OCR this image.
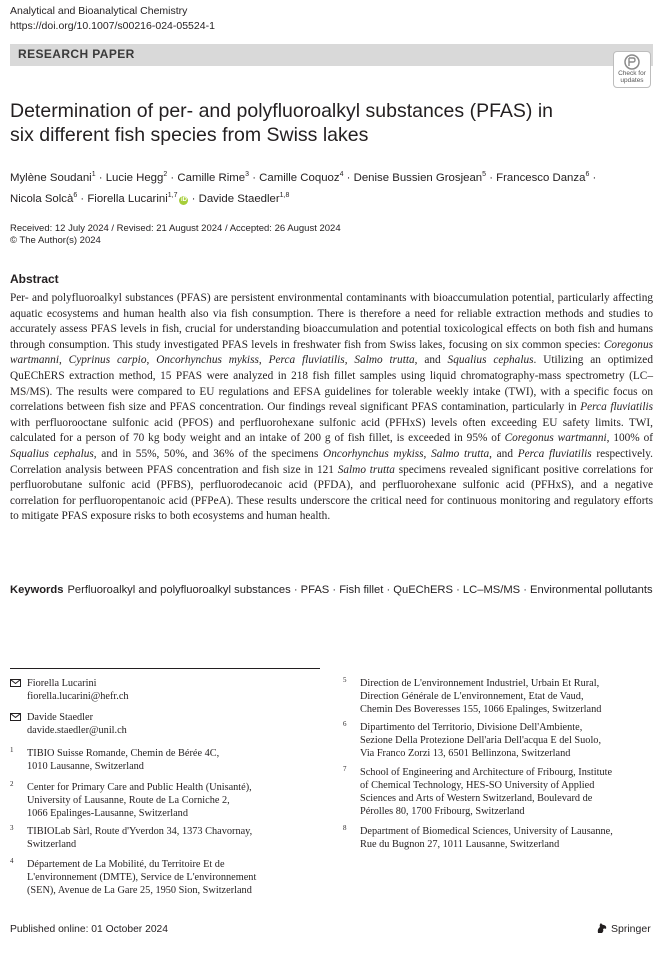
Analytical and Bioanalytical Chemistry
https://doi.org/10.1007/s00216-024-05524-1
RESEARCH PAPER
Check for
updates
Determination of per- and polyfluoroalkyl substances (PFAS) in six different fish species from Swiss lakes
Mylène Soudani$^1$ · Lucie Hegg$^2$ · Camille Rime$^3$ · Camille Coquoz$^4$ · Denise Bussien Grosjean$^5$ · Francesco Danza$^6$ ·
Nicola Solcà$^6$ · Fiorella Lucarini$^{1,7}$iD · Davide Staedler$^{1,8}$
Received: 12 July 2024 / Revised: 21 August 2024 / Accepted: 26 August 2024
© The Author(s) 2024
Abstract
Per- and polyfluoroalkyl substances (PFAS) are persistent environmental contaminants with bioaccumulation potential, particularly affecting aquatic ecosystems and human health also via fish consumption. There is therefore a need for reliable extraction methods and studies to accurately assess PFAS levels in fish, crucial for understanding bioaccumulation and potential toxicological effects on both fish and humans through consumption. This study investigated PFAS levels in freshwater fish from Swiss lakes, focusing on six common species: Coregonus wartmanni, Cyprinus carpio, Oncorhynchus mykiss, Perca fluviatilis, Salmo trutta, and Squalius cephalus. Utilizing an optimized QuEChERS extraction method, 15 PFAS were analyzed in 218 fish fillet samples using liquid chromatography-mass spectrometry (LC–MS/MS). The results were compared to EU regulations and EFSA guidelines for tolerable weekly intake (TWI), with a specific focus on correlations between fish size and PFAS concentration. Our findings reveal significant PFAS contamination, particularly in Perca fluviatilis with perfluorooctane sulfonic acid (PFOS) and perfluorohexane sulfonic acid (PFHxS) levels often exceeding EU safety limits. TWI, calculated for a person of 70 kg body weight and an intake of 200 g of fish fillet, is exceeded in 95% of Coregonus wartmanni, 100% of Squalius cephalus, and in 55%, 50%, and 36% of the specimens Oncorhynchus mykiss, Salmo trutta, and Perca fluviatilis respectively. Correlation analysis between PFAS concentration and fish size in 121 Salmo trutta specimens revealed significant positive correlations for perfluorobutane sulfonic acid (PFBS), perfluorodecanoic acid (PFDA), and perfluorohexane sulfonic acid (PFHxS), and a negative correlation for perfluoropentanoic acid (PFPeA). These results underscore the critical need for continuous monitoring and regulatory efforts to mitigate PFAS exposure risks to both ecosystems and human health.
Keywords Perfluoroalkyl and polyfluoroalkyl substances · PFAS · Fish fillet · QuEChERS · LC–MS/MS · Environmental pollutants
Fiorella Lucarini
fiorella.lucarini@hefr.ch
Davide Staedler
davide.staedler@unil.ch
1 TIBIO Suisse Romande, Chemin de Bérée 4C,
1010 Lausanne, Switzerland
2 Center for Primary Care and Public Health (Unisanté),
University of Lausanne, Route de La Corniche 2,
1066 Epalinges-Lausanne, Switzerland
3 TIBIOLab Sàrl, Route d'Yverdon 34, 1373 Chavornay,
Switzerland
4 Département de La Mobilité, du Territoire Et de
L'environnement (DMTE), Service de L'environnement
(SEN), Avenue de La Gare 25, 1950 Sion, Switzerland
5 Direction de L'environnement Industriel, Urbain Et Rural,
Direction Générale de L'environnement, Etat de Vaud,
Chemin Des Boveresses 155, 1066 Epalinges, Switzerland
6 Dipartimento del Territorio, Divisione Dell'Ambiente,
Sezione Della Protezione Dell'aria Dell'acqua E del Suolo,
Via Franco Zorzi 13, 6501 Bellinzona, Switzerland
7 School of Engineering and Architecture of Fribourg, Institute
of Chemical Technology, HES-SO University of Applied
Sciences and Arts of Western Switzerland, Boulevard de
Pérolles 80, 1700 Fribourg, Switzerland
8 Department of Biomedical Sciences, University of Lausanne,
Rue du Bugnon 27, 1011 Lausanne, Switzerland
Published online: 01 October 2024	Springer
